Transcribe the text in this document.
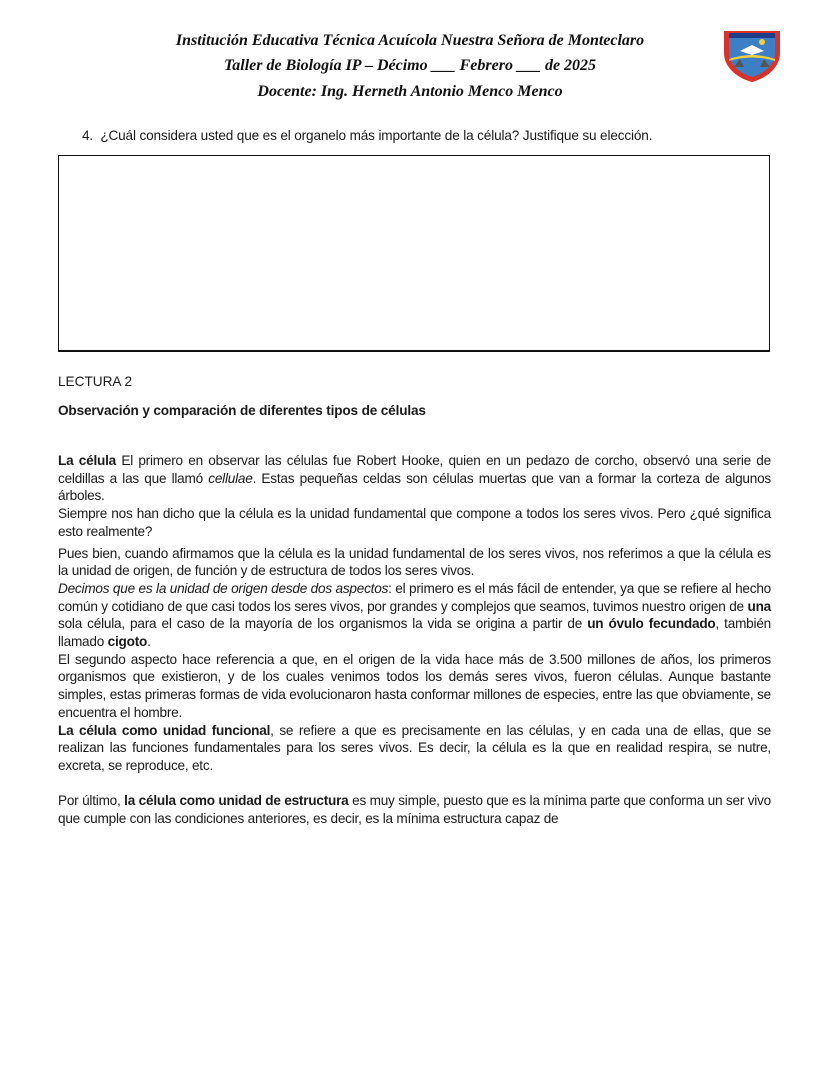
Institución Educativa Técnica Acuícola Nuestra Señora de Monteclaro
Taller de Biología IP – Décimo ___ Febrero ___ de 2025
Docente: Ing. Herneth Antonio Menco Menco
4. ¿Cuál considera usted que es el organelo más importante de la célula? Justifique su elección.
LECTURA 2
Observación y comparación de diferentes tipos de células

La célula El primero en observar las células fue Robert Hooke, quien en un pedazo de corcho, observó una serie de celdillas a las que llamó cellulae. Estas pequeñas celdas son células muertas que van a formar la corteza de algunos árboles.

Siempre nos han dicho que la célula es la unidad fundamental que compone a todos los seres vivos. Pero ¿qué significa esto realmente?

Pues bien, cuando afirmamos que la célula es la unidad fundamental de los seres vivos, nos referimos a que la célula es la unidad de origen, de función y de estructura de todos los seres vivos.

Decimos que es la unidad de origen desde dos aspectos: el primero es el más fácil de entender, ya que se refiere al hecho común y cotidiano de que casi todos los seres vivos, por grandes y complejos que seamos, tuvimos nuestro origen de una sola célula, para el caso de la mayoría de los organismos la vida se origina a partir de un óvulo fecundado, también llamado cigoto.

El segundo aspecto hace referencia a que, en el origen de la vida hace más de 3.500 millones de años, los primeros organismos que existieron, y de los cuales venimos todos los demás seres vivos, fueron células. Aunque bastante simples, estas primeras formas de vida evolucionaron hasta conformar millones de especies, entre las que obviamente, se encuentra el hombre.

La célula como unidad funcional, se refiere a que es precisamente en las células, y en cada una de ellas, que se realizan las funciones fundamentales para los seres vivos. Es decir, la célula es la que en realidad respira, se nutre, excreta, se reproduce, etc.

Por último, la célula como unidad de estructura es muy simple, puesto que es la mínima parte que conforma un ser vivo que cumple con las condiciones anteriores, es decir, es la mínima estructura capaz de
